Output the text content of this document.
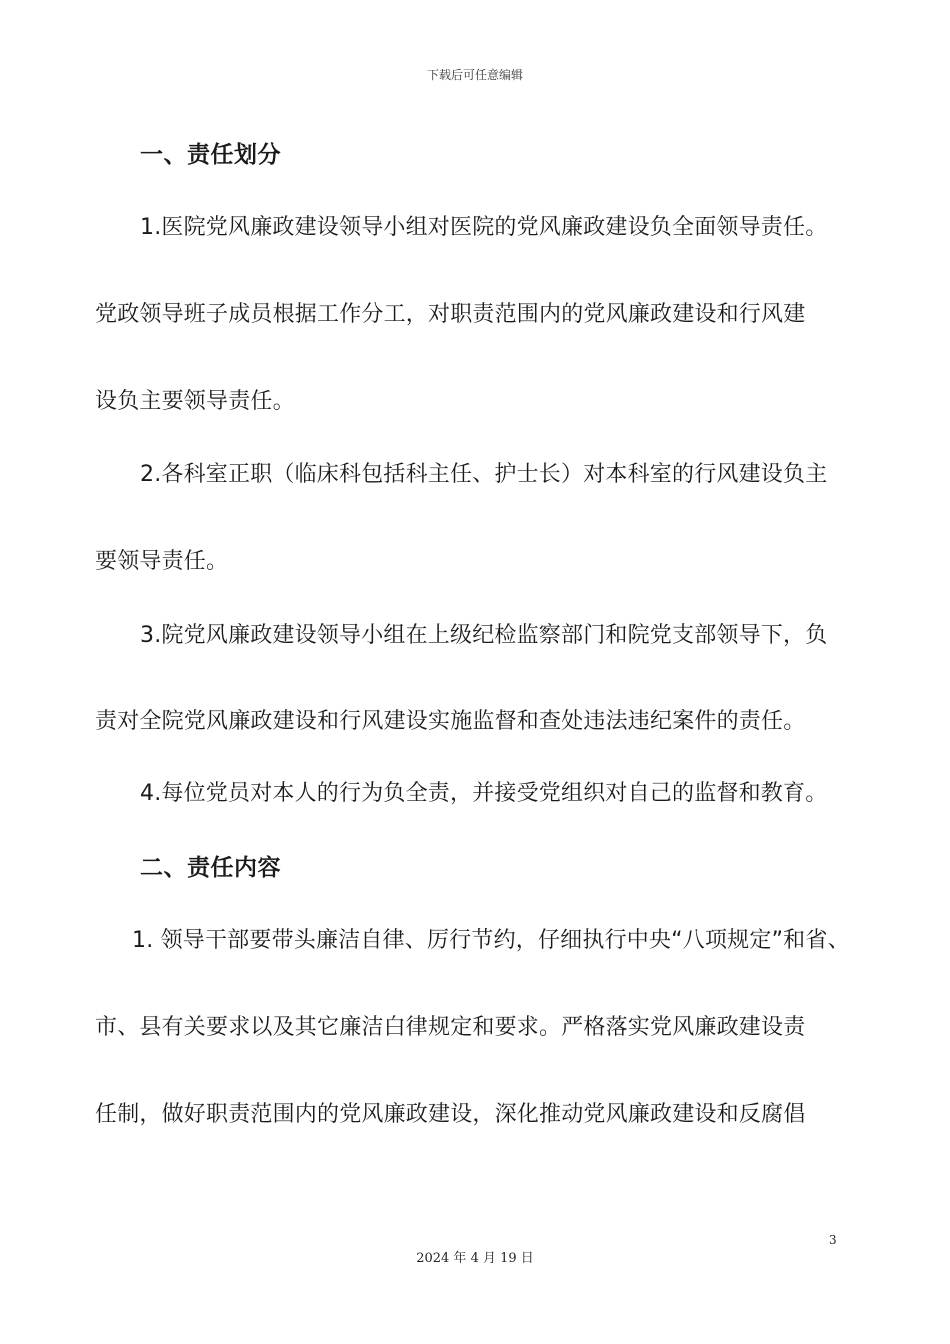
下载后可任意编辑
一、责任划分
1.医院党风廉政建设领导小组对医院的党风廉政建设负全面领导责任。
党政领导班子成员根据工作分工，对职责范围内的党风廉政建设和行风建
设负主要领导责任。
2.各科室正职（临床科包括科主任、护士长）对本科室的行风建设负主
要领导责任。
3.院党风廉政建设领导小组在上级纪检监察部门和院党支部领导下，负
责对全院党风廉政建设和行风建设实施监督和查处违法违纪案件的责任。
4.每位党员对本人的行为负全责，并接受党组织对自己的监督和教育。
二、责任内容
1. 领导干部要带头廉洁自律、厉行节约，仔细执行中央“八项规定”和省、
市、县有关要求以及其它廉洁白律规定和要求。严格落实党风廉政建设责
任制，做好职责范围内的党风廉政建设，深化推动党风廉政建设和反腐倡
3
2024 年 4 月 19 日
